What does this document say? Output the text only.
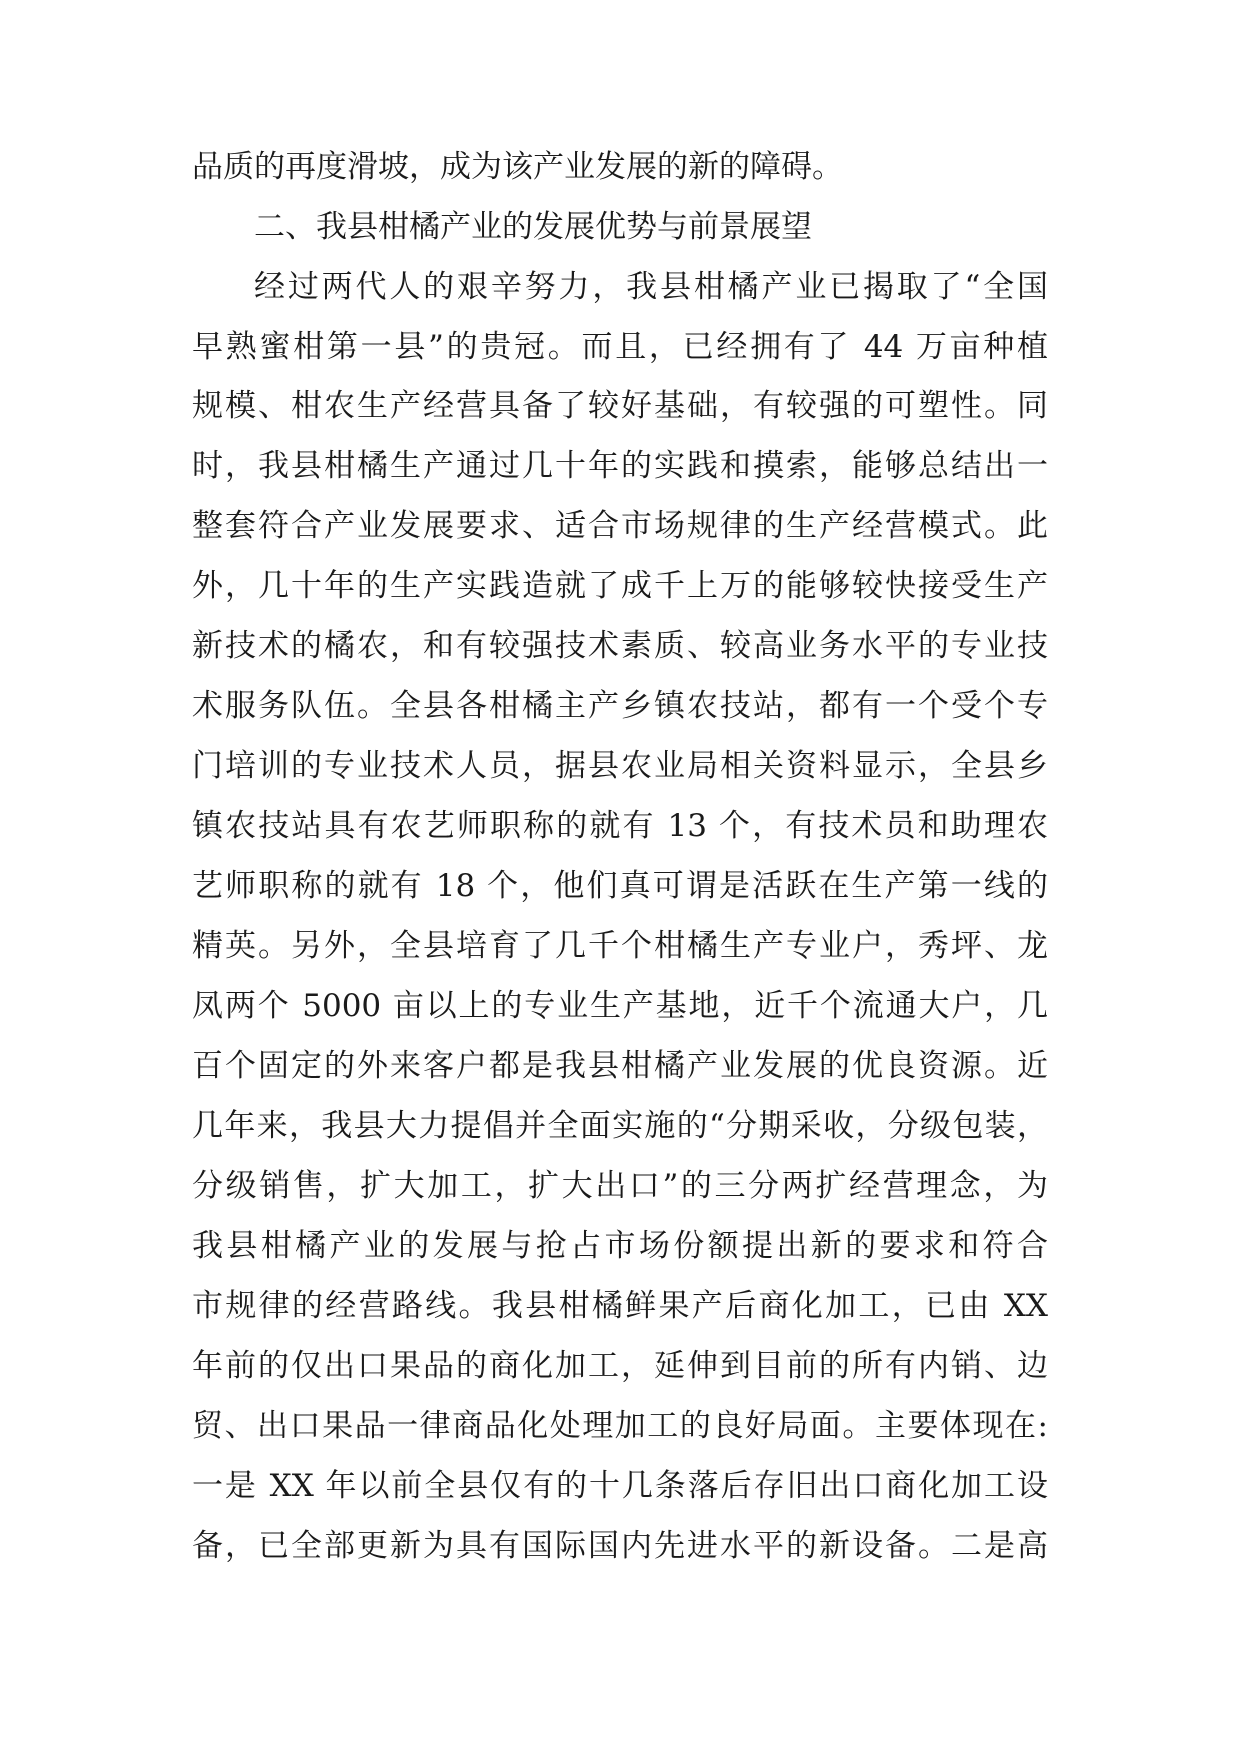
品质的再度滑坡，成为该产业发展的新的障碍。
二、我县柑橘产业的发展优势与前景展望
经过两代人的艰辛努力，我县柑橘产业已揭取了“全国
早熟蜜柑第一县”的贵冠。而且，已经拥有了 44 万亩种植
规模、柑农生产经营具备了较好基础，有较强的可塑性。同
时，我县柑橘生产通过几十年的实践和摸索，能够总结出一
整套符合产业发展要求、适合市场规律的生产经营模式。此
外，几十年的生产实践造就了成千上万的能够较快接受生产
新技术的橘农，和有较强技术素质、较高业务水平的专业技
术服务队伍。全县各柑橘主产乡镇农技站，都有一个受个专
门培训的专业技术人员，据县农业局相关资料显示，全县乡
镇农技站具有农艺师职称的就有 13 个，有技术员和助理农
艺师职称的就有 18 个，他们真可谓是活跃在生产第一线的
精英。另外，全县培育了几千个柑橘生产专业户，秀坪、龙
凤两个 5000 亩以上的专业生产基地，近千个流通大户，几
百个固定的外来客户都是我县柑橘产业发展的优良资源。近
几年来，我县大力提倡并全面实施的“分期采收，分级包装，
分级销售，扩大加工，扩大出口”的三分两扩经营理念，为
我县柑橘产业的发展与抢占市场份额提出新的要求和符合
市规律的经营路线。我县柑橘鲜果产后商化加工，已由 XX
年前的仅出口果品的商化加工，延伸到目前的所有内销、边
贸、出口果品一律商品化处理加工的良好局面。主要体现在:
一是 XX 年以前全县仅有的十几条落后存旧出口商化加工设
备，已全部更新为具有国际国内先进水平的新设备。二是高
